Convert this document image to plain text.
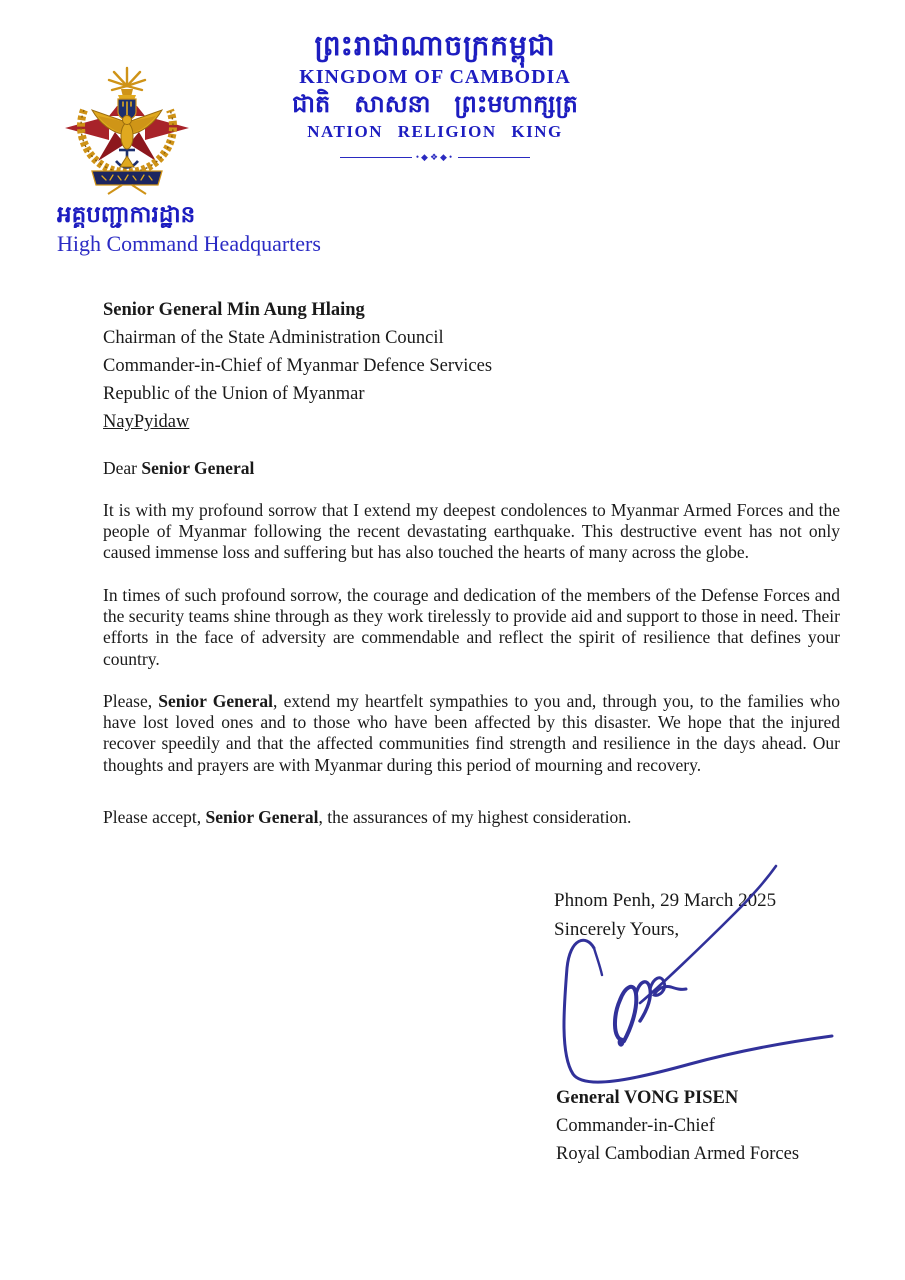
ព្រះរាជាណាចក្រកម្ពុជា
KINGDOM OF CAMBODIA
ជាតិ សាសនា ព្រះមហាក្សត្រ
NATION RELIGION KING
•◆❖◆•
អគ្គបញ្ជាការដ្ឋាន
High Command Headquarters
Senior General Min Aung Hlaing
Chairman of the State Administration Council
Commander-in-Chief of Myanmar Defence Services
Republic of the Union of Myanmar
NayPyidaw
Dear Senior General
It is with my profound sorrow that I extend my deepest condolences to Myanmar Armed Forces and the people of Myanmar following the recent devastating earthquake. This destructive event has not only caused immense loss and suffering but has also touched the hearts of many across the globe.
In times of such profound sorrow, the courage and dedication of the members of the Defense Forces and the security teams shine through as they work tirelessly to provide aid and support to those in need. Their efforts in the face of adversity are commendable and reflect the spirit of resilience that defines your country.
Please, Senior General, extend my heartfelt sympathies to you and, through you, to the families who have lost loved ones and to those who have been affected by this disaster. We hope that the injured recover speedily and that the affected communities find strength and resilience in the days ahead. Our thoughts and prayers are with Myanmar during this period of mourning and recovery.
Please accept, Senior General, the assurances of my highest consideration.
Phnom Penh, 29 March 2025
Sincerely Yours,
General VONG PISEN
Commander-in-Chief
Royal Cambodian Armed Forces
